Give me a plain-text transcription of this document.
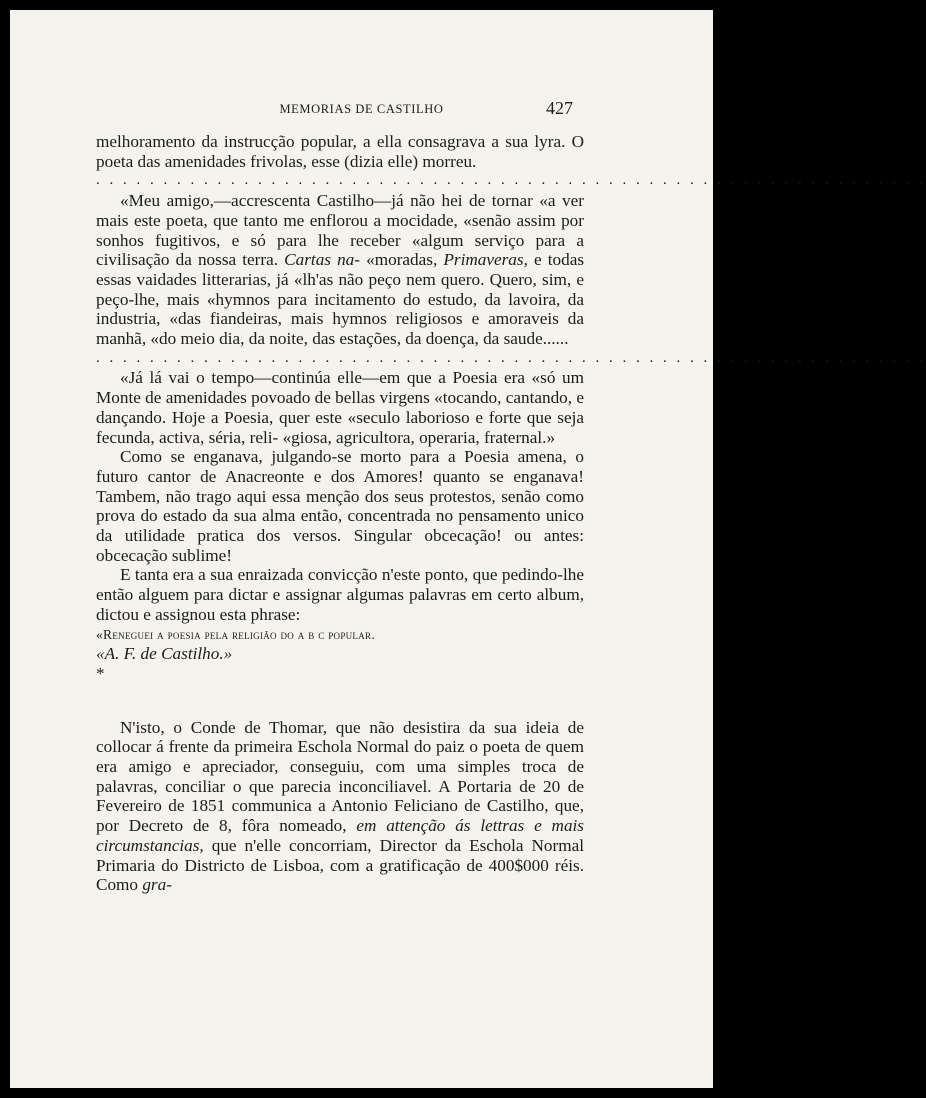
MEMORIAS DE CASTILHO	427

melhoramento da instrucção popular, a ella consagrava a sua lyra. O poeta das amenidades frivolas, esse (dizia elle) morreu.

. . . . . . . . . . . . . . . . . . . . . . . . . . . . . . . . . . . . . . . . . . . . . . . . . . . . . . . . . . . . . .

«Meu amigo,—accrescenta Castilho—já não hei de tornar «a ver mais este poeta, que tanto me enflorou a mocidade, «senão assim por sonhos fugitivos, e só para lhe receber «algum serviço para a civilisação da nossa terra. Cartas na- «moradas, Primaveras, e todas essas vaidades litterarias, já «lh'as não peço nem quero. Quero, sim, e peço-lhe, mais «hymnos para incitamento do estudo, da lavoira, da industria, «das fiandeiras, mais hymnos religiosos e amoraveis da manhã, «do meio dia, da noite, das estações, da doença, da saude......

. . . . . . . . . . . . . . . . . . . . . . . . . . . . . . . . . . . . . . . . . . . . . . . . . . . . . . . . . . . . . .

«Já lá vai o tempo—continúa elle—em que a Poesia era «só um Monte de amenidades povoado de bellas virgens «tocando, cantando, e dançando. Hoje a Poesia, quer este «seculo laborioso e forte que seja fecunda, activa, séria, reli- «giosa, agricultora, operaria, fraternal.»

Como se enganava, julgando-se morto para a Poesia amena, o futuro cantor de Anacreonte e dos Amores! quanto se enganava! Tambem, não trago aqui essa menção dos seus protestos, senão como prova do estado da sua alma então, concentrada no pensamento unico da utilidade pratica dos versos. Singular obcecação! ou antes: obcecação sublime!

E tanta era a sua enraizada convicção n'este ponto, que pedindo-lhe então alguem para dictar e assignar algumas palavras em certo album, dictou e assignou esta phrase:

«Reneguei a poesia pela religião do a b c popular.

«A. F. de Castilho.»

*

N'isto, o Conde de Thomar, que não desistira da sua ideia de collocar á frente da primeira Eschola Normal do paiz o poeta de quem era amigo e apreciador, conseguiu, com uma simples troca de palavras, conciliar o que parecia inconciliavel. A Portaria de 20 de Fevereiro de 1851 communica a Antonio Feliciano de Castilho, que, por Decreto de 8, fôra nomeado, em attenção ás lettras e mais circumstancias, que n'elle concorriam, Director da Eschola Normal Primaria do Districto de Lisboa, com a gratificação de 400$000 réis. Como gra-
